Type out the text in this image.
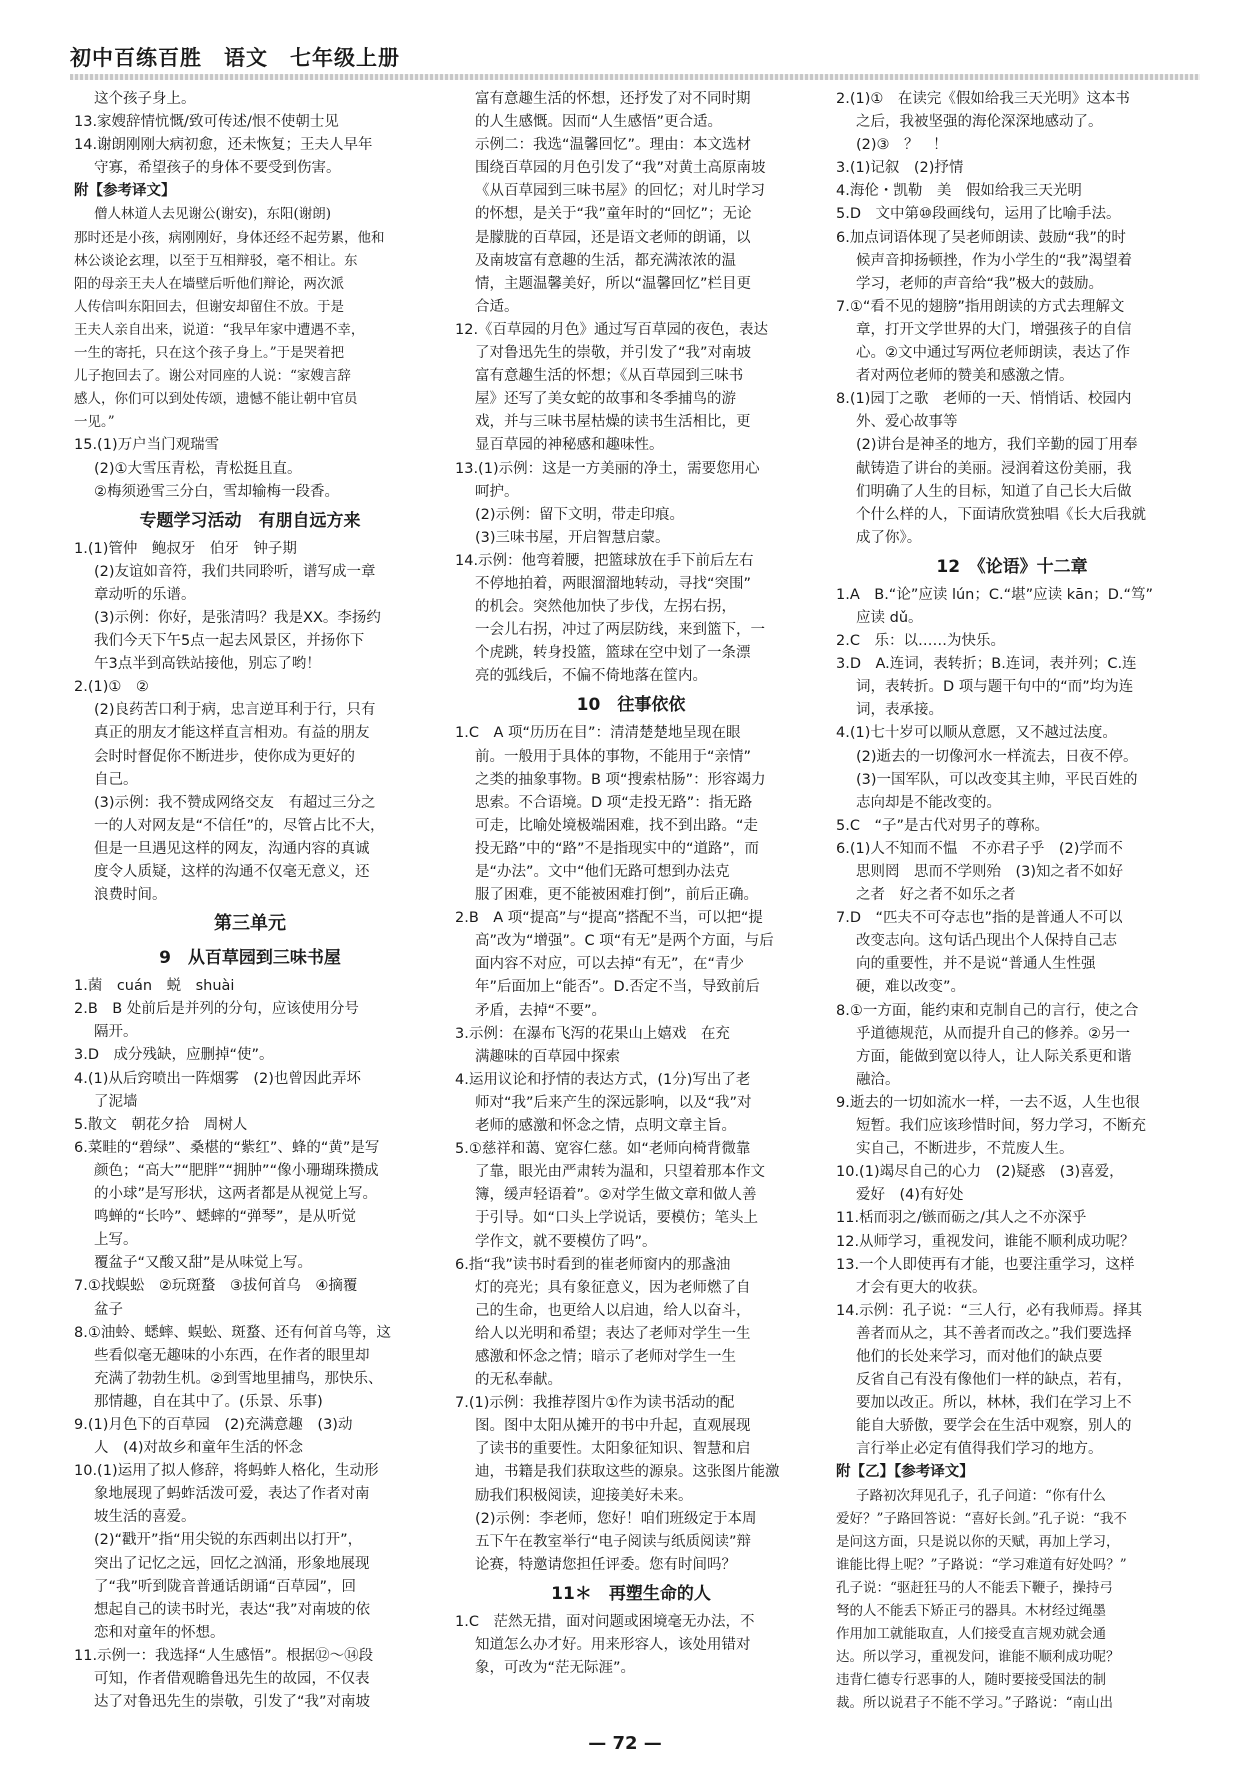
初中百练百胜　语文　七年级上册
这个孩子身上。
13.家嫂辞情忼慨/致可传述/恨不使朝士见
14.谢朗刚刚大病初愈，还未恢复；王夫人早年
守寡，希望孩子的身体不要受到伤害。
附【参考译文】
僧人林道人去见谢公(谢安)，东阳(谢朗)
那时还是小孩，病刚刚好，身体还经不起劳累，他和
林公谈论玄理，以至于互相辩驳，毫不相让。东
阳的母亲王夫人在墙壁后听他们辩论，两次派
人传信叫东阳回去，但谢安却留住不放。于是
王夫人亲自出来，说道：“我早年家中遭遇不幸，
一生的寄托，只在这个孩子身上。”于是哭着把
儿子抱回去了。谢公对同座的人说：“家嫂言辞
感人，你们可以到处传颂，遗憾不能让朝中官员
一见。”
15.(1)万户当门观瑞雪
(2)①大雪压青松，青松挺且直。
②梅须逊雪三分白，雪却输梅一段香。
专题学习活动　有朋自远方来
1.(1)管仲　鲍叔牙　伯牙　钟子期
(2)友谊如音符，我们共同聆听，谱写成一章
章动听的乐谱。
(3)示例：你好，是张清吗？我是XX。李扬约
我们今天下午5点一起去风景区，并扬你下
午3点半到高铁站接他，别忘了哟！
2.(1)①　②
(2)良药苦口利于病，忠言逆耳利于行，只有
真正的朋友才能这样直言相劝。有益的朋友
会时时督促你不断进步，使你成为更好的
自己。
(3)示例：我不赞成网络交友　有超过三分之
一的人对网友是“不信任”的，尽管占比不大，
但是一旦遇见这样的网友，沟通内容的真诚
度令人质疑，这样的沟通不仅毫无意义，还
浪费时间。
第三单元
9　从百草园到三味书屋
1.菌　cuán　蜕　shuài
2.B　B 处前后是并列的分句，应该使用分号
隔开。
3.D　成分残缺，应删掉“使”。
4.(1)从后窍喷出一阵烟雾　(2)也曾因此弄坏
了泥墙
5.散文　朝花夕拾　周树人
6.菜畦的“碧绿”、桑椹的“紫红”、蜂的“黄”是写
颜色；“高大”“肥胖”“拥肿”“像小珊瑚珠攒成
的小球”是写形状，这两者都是从视觉上写。
鸣蝉的“长吟”、蟋蟀的“弹琴”，是从听觉
上写。
覆盆子“又酸又甜”是从味觉上写。
7.①找蜈蚣　②玩斑蝥　③拔何首乌　④摘覆
盆子
8.①油蛉、蟋蟀、蜈蚣、斑蝥、还有何首乌等，这
些看似毫无趣味的小东西，在作者的眼里却
充满了勃勃生机。②到雪地里捕鸟，那快乐、
那情趣，自在其中了。(乐景、乐事)
9.(1)月色下的百草园　(2)充满意趣　(3)动
人　(4)对故乡和童年生活的怀念
10.(1)运用了拟人修辞，将蚂蚱人格化，生动形
象地展现了蚂蚱活泼可爱，表达了作者对南
坡生活的喜爱。
(2)“戳开”指“用尖锐的东西刺出以打开”，
突出了记忆之远，回忆之汹涌，形象地展现
了“我”听到陇音普通话朗诵“百草园”，回
想起自己的读书时光，表达“我”对南坡的依
恋和对童年的怀想。
11.示例一：我选择“人生感悟”。根据⑫～⑭段
可知，作者借观瞻鲁迅先生的故园，不仅表
达了对鲁迅先生的崇敬，引发了“我”对南坡
富有意趣生活的怀想，还抒发了对不同时期
的人生感慨。因而“人生感悟”更合适。
示例二：我选“温馨回忆”。理由：本文选材
围绕百草园的月色引发了“我”对黄土高原南坡
《从百草园到三味书屋》的回忆；对儿时学习
的怀想，是关于“我”童年时的“回忆”；无论
是朦胧的百草园，还是语文老师的朗诵，以
及南坡富有意趣的生活，都充满浓浓的温
情，主题温馨美好，所以“温馨回忆”栏目更
合适。
12.《百草园的月色》通过写百草园的夜色，表达
了对鲁迅先生的崇敬，并引发了“我”对南坡
富有意趣生活的怀想；《从百草园到三味书
屋》还写了美女蛇的故事和冬季捕鸟的游
戏，并与三味书屋枯燥的读书生活相比，更
显百草园的神秘感和趣味性。
13.(1)示例：这是一方美丽的净土，需要您用心
呵护。
(2)示例：留下文明，带走印痕。
(3)三味书屋，开启智慧启蒙。
14.示例：他弯着腰，把篮球放在手下前后左右
不停地拍着，两眼溜溜地转动，寻找“突围”
的机会。突然他加快了步伐，左拐右拐，
一会儿右拐，冲过了两层防线，来到篮下，一
个虎跳，转身投篮，篮球在空中划了一条漂
亮的弧线后，不偏不倚地落在筐内。
10　往事依依
1.C　A 项“历历在目”：清清楚楚地呈现在眼
前。一般用于具体的事物，不能用于“亲情”
之类的抽象事物。B 项“搜索枯肠”：形容竭力
思索。不合语境。D 项“走投无路”：指无路
可走，比喻处境极端困难，找不到出路。“走
投无路”中的“路”不是指现实中的“道路”，而
是“办法”。文中“他们无路可想到办法克
服了困难，更不能被困难打倒”，前后正确。
2.B　A 项“提高”与“提高”搭配不当，可以把“提
高”改为“增强”。C 项“有无”是两个方面，与后
面内容不对应，可以去掉“有无”，在“青少
年”后面加上“能否”。D.否定不当，导致前后
矛盾，去掉“不要”。
3.示例：在瀑布飞泻的花果山上嬉戏　在充
满趣味的百草园中探索
4.运用议论和抒情的表达方式，(1分)写出了老
师对“我”后来产生的深远影响，以及“我”对
老师的感激和怀念之情，点明文章主旨。
5.①慈祥和蔼、宽容仁慈。如“老师向椅背微靠
了靠，眼光由严肃转为温和，只望着那本作文
簿，缓声轻语着”。②对学生做文章和做人善
于引导。如“口头上学说话，要模仿；笔头上
学作文，就不要模仿了吗”。
6.指“我”读书时看到的崔老师窗内的那盏油
灯的亮光；具有象征意义，因为老师燃了自
己的生命，也更给人以启迪，给人以奋斗，
给人以光明和希望；表达了老师对学生一生
感激和怀念之情；暗示了老师对学生一生
的无私奉献。
7.(1)示例：我推荐图片①作为读书活动的配
图。图中太阳从摊开的书中升起，直观展现
了读书的重要性。太阳象征知识、智慧和启
迪，书籍是我们获取这些的源泉。这张图片能激
励我们积极阅读，迎接美好未来。
(2)示例：李老师，您好！咱们班级定于本周
五下午在教室举行“电子阅读与纸质阅读”辩
论赛，特邀请您担任评委。您有时间吗？
11＊　再塑生命的人
1.C　茫然无措，面对问题或困境毫无办法，不
知道怎么办才好。用来形容人，该处用错对
象，可改为“茫无际涯”。
2.(1)①　在读完《假如给我三天光明》这本书
之后，我被坚强的海伦深深地感动了。
(2)③　？　！
3.(1)记叙　(2)抒情
4.海伦・凯勒　美　假如给我三天光明
5.D　文中第⑩段画线句，运用了比喻手法。
6.加点词语体现了吴老师朗读、鼓励“我”的时
候声音抑扬顿挫，作为小学生的“我”渴望着
学习，老师的声音给“我”极大的鼓励。
7.①“看不见的翅膀”指用朗读的方式去理解文
章，打开文学世界的大门，增强孩子的自信
心。②文中通过写两位老师朗读，表达了作
者对两位老师的赞美和感激之情。
8.(1)园丁之歌　老师的一天、悄悄话、校园内
外、爱心故事等
(2)讲台是神圣的地方，我们辛勤的园丁用奉
献铸造了讲台的美丽。浸润着这份美丽，我
们明确了人生的目标，知道了自己长大后做
个什么样的人，下面请欣赏独唱《长大后我就
成了你》。
12　《论语》十二章
1.A　B.“论”应读 lún；C.“堪”应读 kān；D.“笃”
应读 dǔ。
2.C　乐：以……为快乐。
3.D　A.连词，表转折；B.连词，表并列；C.连
词，表转折。D 项与题干句中的“而”均为连
词，表承接。
4.(1)七十岁可以顺从意愿，又不越过法度。
(2)逝去的一切像河水一样流去，日夜不停。
(3)一国军队，可以改变其主帅，平民百姓的
志向却是不能改变的。
5.C　“子”是古代对男子的尊称。
6.(1)人不知而不愠　不亦君子乎　(2)学而不
思则罔　思而不学则殆　(3)知之者不如好
之者　好之者不如乐之者
7.D　“匹夫不可夺志也”指的是普通人不可以
改变志向。这句话凸现出个人保持自己志
向的重要性，并不是说“普通人生性强
硬，难以改变”。
8.①一方面，能约束和克制自己的言行，使之合
乎道德规范，从而提升自己的修养。②另一
方面，能做到宽以待人，让人际关系更和谐
融洽。
9.逝去的一切如流水一样，一去不返，人生也很
短暂。我们应该珍惜时间，努力学习，不断充
实自己，不断进步，不荒废人生。
10.(1)竭尽自己的心力　(2)疑惑　(3)喜爱，
爱好　(4)有好处
11.栝而羽之/镞而砺之/其人之不亦深乎
12.从师学习，重视发问，谁能不顺利成功呢？
13.一个人即使再有才能，也要注重学习，这样
才会有更大的收获。
14.示例：孔子说：“三人行，必有我师焉。择其
善者而从之，其不善者而改之。”我们要选择
他们的长处来学习，而对他们的缺点要
反省自己有没有像他们一样的缺点，若有，
要加以改正。所以，林林，我们在学习上不
能自大骄傲，要学会在生活中观察，别人的
言行举止必定有值得我们学习的地方。
附【乙】【参考译文】
子路初次拜见孔子，孔子问道：“你有什么
爱好？”子路回答说：“喜好长剑。”孔子说：“我不
是问这方面，只是说以你的天赋，再加上学习，
谁能比得上呢？”子路说：“学习难道有好处吗？”
孔子说：“驱赶狂马的人不能丢下鞭子，操持弓
弩的人不能丢下矫正弓的器具。木材经过绳墨
作用加工就能取直，人们接受直言规劝就会通
达。所以学习，重视发问，谁能不顺利成功呢？
违背仁德专行恶事的人，随时要接受国法的制
裁。所以说君子不能不学习。”子路说：“南山出
— 72 —
